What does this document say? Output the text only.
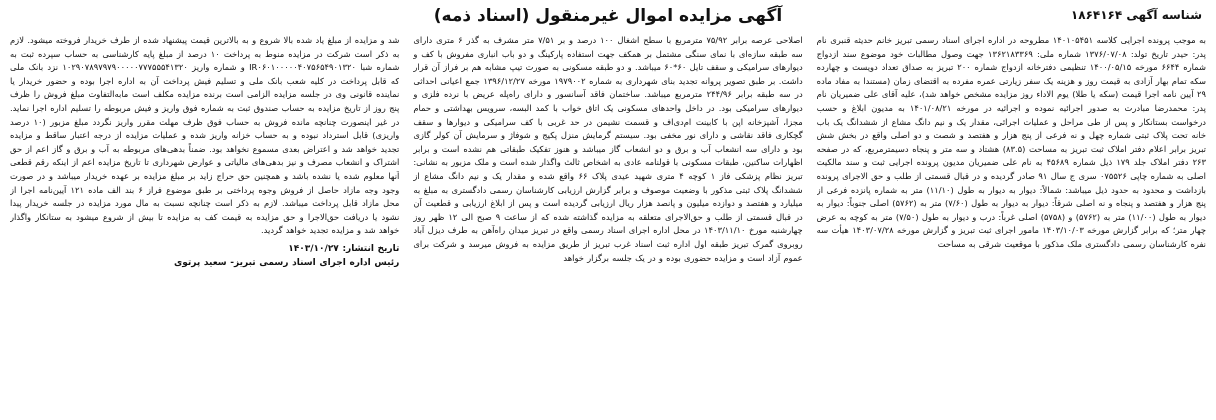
آگهی مزایده اموال غیرمنقول (اسناد ذمه)	شناسه آگهی ۱۸۶۴۱۶۴

به موجب پرونده اجرایی کلاسه ۱۴۰۱۰۵۴۵۱ مطروحه در اداره اجرای اسناد رسمی تبریز خانم حدیثه قنبری نام پدر: حیدر تاریخ تولد: ۱۳۷۶/۰۷/۰۸ شماره ملی: ۱۳۶۲۱۸۳۳۶۹ جهت وصول مطالبات خود موضوع سند ازدواج شماره ۶۶۴۴ مورخه ۱۴۰۰/۰۵/۱۵ تنظیمی دفترخانه ازدواج شماره ۲۰۰ تبریز به صداق تعداد دویست و چهارده سکه تمام بهار آزادی به قیمت روز و هزینه یک سفر زیارتی عمره مفرده به اقتضای زمان (مستندا به مفاد ماده ۲۹ آیین نامه اجرا قیمت (سکه یا طلا) یوم الاداء روز مزایده مشخص خواهد شد)، علیه آقای علی ضمیریان نام پدر: محمدرضا مبادرت به صدور اجرائیه نموده و اجرائیه در مورخه ۱۴۰۱/۰۸/۲۱ به مدیون ابلاغ و حسب درخواست بستانکار و پس از طی مراحل و عملیات اجرائی، مقدار یک و نیم دانگ مشاع از ششدانگ یک باب خانه تحت پلاک ثبتی شماره چهل و نه فرعی از پنج هزار و هفتصد و شصت و دو اصلی واقع در بخش شش تبریز برابر اعلام دفتر املاک ثبت تبریز به مساحت (۸۳.۵) هشتاد و سه متر و پنجاه دسیمترمربع، که در صفحه ۲۶۳ دفتر املاک جلد ۱۷۹ ذیل شماره ۴۵۶۸۹ به نام علی ضمیریان مدیون پرونده اجرایی ثبت و سند مالکیت اصلی به شماره چاپی ۰۷۵۵۲۶ سری ج سال ۹۱ صادر گردیده و در قبال قسمتی از طلب و حق الاجرای پرونده بازداشت و محدود به حدود ذیل میباشد: شمالاً: دیوار به دیوار به طول (۱۱/۱۰) متر به شماره پانزده فرعی از پنج هزار و هفتصد و پنجاه و نه اصلی شرقاً: دیوار به دیوار به طول (۷/۶۰) متر به (۵۷۶۲) اصلی جنوباً: دیوار به دیوار به طول (۱۱/۰۰) متر به (۵۷۶۲) و (۵۷۵۸) اصلی غرباً: درب و دیوار به طول (۷/۵۰) متر به کوچه به عرض چهار متر؛ که برابر گزارش مورخه ۱۴۰۳/۱۰/۰۳ مامور اجرای ثبت تبریز و گزارش مورخه ۱۴۰۳/۰۷/۲۸ هیأت سه نفره کارشناسان رسمی دادگستری ملک مذکور با موقعیت شرقی به مساحت

اصلاحی عرصه برابر ۷۵/۹۲ مترمربع با سطح اشغال ۱۰۰ درصد و بر ۷/۵۱ متر مشرف به گذر ۶ متری دارای سه طبقه سازه‌ای با نمای سنگی مشتمل بر همکف جهت استفاده پارکینگ و دو باب انباری مفروش با کف و دیوارهای سرامیکی و سقف تایل ۶۰*۶۰ میباشد. و دو طبقه مسکونی به صورت تیپ مشابه هم بر فراز آن قرار داشت. بر طبق تصویر پروانه تجدید بنای شهرداری به شماره ۱۹۷۹۰۰۲ مورخه ۱۳۹۶/۱۲/۲۷ جمع اعیانی احداثی در سه طبقه برابر ۲۴۴/۹۶ مترمربع میباشد. ساختمان فاقد آسانسور و دارای راه‌پله عریض با نرده فلزی و دیوارهای سرامیکی بود. در داخل واحدهای مسکونی یک اتاق خواب با کمد البسه، سرویس بهداشتی و حمام مجزا، آشپزخانه اپن با کابینت ام‌دی‌اف و قسمت نشیمن در حد غربی با کف سرامیکی و دیوارها و سقف گچکاری فاقد نقاشی و دارای نور مخفی بود. سیستم گرمایش منزل پکیج و شوفاژ و سرمایش آن کولر گازی بود و دارای سه انشعاب آب و برق و دو انشعاب گاز میباشد و هنوز تفکیک طبقاتی هم نشده است و برابر اظهارات ساکنین، طبقات مسکونی با قولنامه عادی به اشخاص ثالث واگذار شده است و ملک مزبور به نشانی: تبریز نظام پزشکی فاز ۱ کوچه ۴ متری شهید عیدی پلاک ۶۶ واقع شده و مقدار یک و نیم دانگ مشاع از ششدانگ پلاک ثبتی مذکور با وضعیت موصوف و برابر گزارش ارزیابی کارشناسان رسمی دادگستری به مبلغ به میلیارد و هفتصد و دوازده میلیون و پانصد هزار ریال ارزیابی گردیده است و پس از ابلاغ ارزیابی و قطعیت آن در قبال قسمتی از طلب و حق‌الاجرای متعلقه به مزایده گذاشته شده که از ساعت ۹ صبح الی ۱۲ ظهر روز چهارشنبه مورخ ۱۴۰۳/۱۱/۱۰ در محل اداره اجرای اسناد رسمی واقع در تبریز میدان راه‌آهن به طرف دیزل آباد روبروی گمرک تبریز طبقه اول اداره ثبت اسناد غرب تبریز از طریق مزایده به فروش میرسد و شرکت برای عموم آزاد است و مزایده حضوری بوده و در یک جلسه برگزار خواهد

شد و مزایده از مبلغ یاد شده بالا شروع و به بالاترین قیمت پیشنهاد شده از طرف خریدار فروخته میشود. لازم به ذکر است شرکت در مزایده منوط به پرداخت ۱۰ درصد از مبلغ پایه کارشناسی به حساب سپرده ثبت به شماره شبا IR۰۶۰۱۰۰۰۰۰۴۰۷۵۶۵۴۹۰۱۳۲۰ و شماره واریز ۱۰۲۹۰۷۸۹۷۹۷۹۰۰۰۰۰۷۷۷۵۵۵۴۱۳۲۰ نزد بانک ملی که قابل پرداخت در کلیه شعب بانک ملی و تسلیم فیش پرداخت آن به اداره اجرا بوده و حضور خریدار یا نماینده قانونی وی در جلسه مزایده الزامی است برنده مزایده مکلف است مابه‌التفاوت مبلغ فروش را ظرف پنج روز از تاریخ مزایده به حساب صندوق ثبت به شماره فوق واریز و فیش مربوطه را تسلیم اداره اجرا نماید. در غیر اینصورت چنانچه مانده فروش به حساب فوق ظرف مهلت مقرر واریز نگردد مبلغ مزبور (۱۰ درصد واریزی) قابل استرداد نبوده و به حساب خزانه واریز شده و عملیات مزایده از درجه اعتبار ساقط و مزایده تجدید خواهد شد و اعتراض بعدی مسموع نخواهد بود. ضمناً بدهی‌های مربوطه به آب و برق و گاز اعم از حق اشتراک و انشعاب مصرف و نیز بدهی‌های مالیاتی و عوارض شهرداری تا تاریخ مزایده اعم از اینکه رقم قطعی آنها معلوم شده یا نشده باشد و همچنین حق حراج زاید بر مبلغ مزایده بر عهده خریدار میباشد و در صورت وجود وجه مازاد حاصل از فروش وجوه پرداختی بر طبق موضوع فراز ۶ بند الف ماده ۱۲۱ آیین‌نامه اجرا از محل مازاد قابل پرداخت میباشد. لازم به ذکر است چنانچه نسبت به مال مورد مزایده در جلسه خریدار پیدا نشود یا دریافت حق‌الاجرا و حق مزایده به قیمت کف به مزایده تا بیش از شروع میشود به ستانکار واگذار خواهد شد و مزایده تجدید خواهد گردید.

تاریخ انتشار: ۱۴۰۳/۱۰/۲۷
رئیس اداره اجرای اسناد رسمی تبریز- سعید پرتوی
